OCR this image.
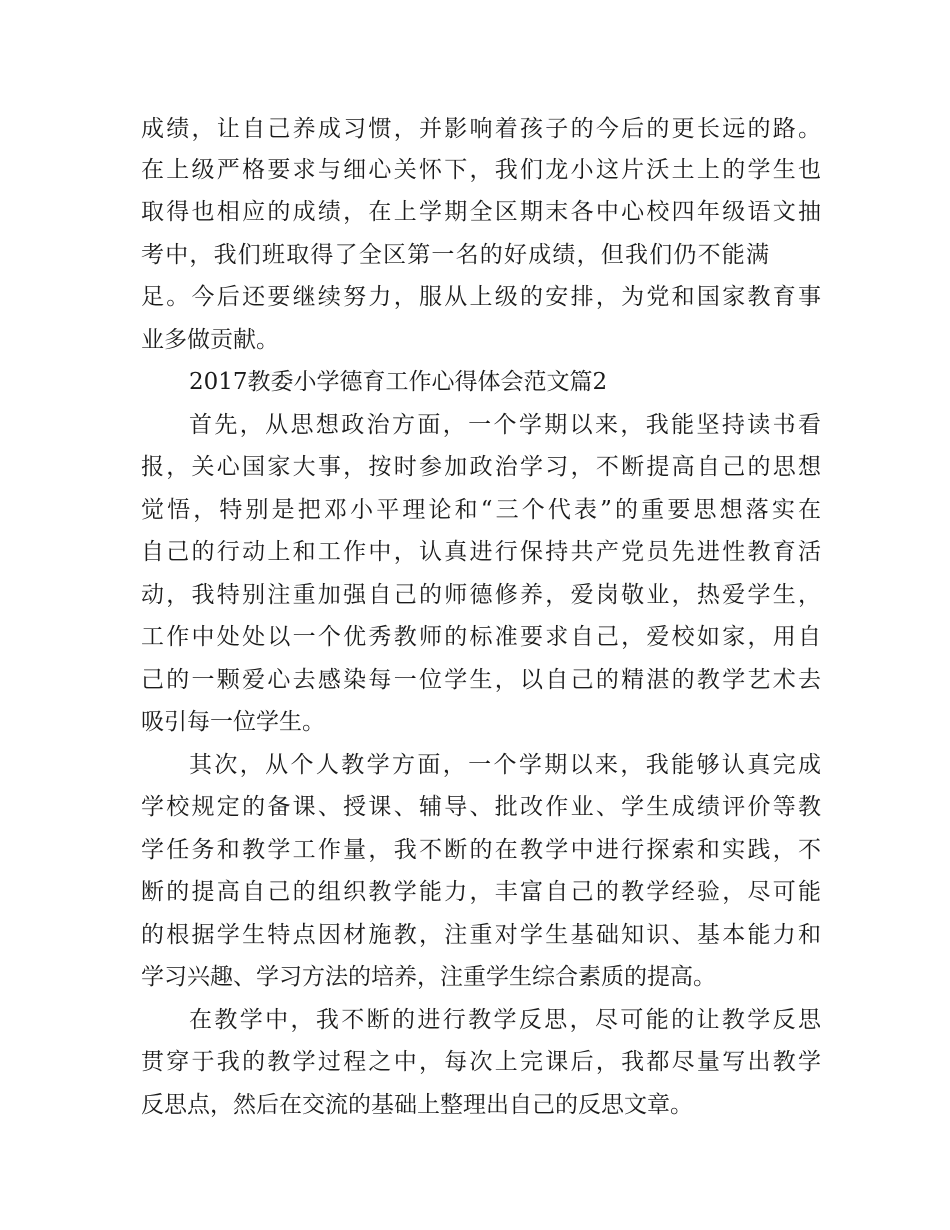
成绩，让自己养成习惯，并影响着孩子的今后的更长远的路。
在上级严格要求与细心关怀下，我们龙小这片沃土上的学生也
取得也相应的成绩，在上学期全区期末各中心校四年级语文抽
考中，我们班取得了全区第一名的好成绩，但我们仍不能满
足。今后还要继续努力，服从上级的安排，为党和国家教育事
业多做贡献。
2017教委小学德育工作心得体会范文篇2
首先，从思想政治方面，一个学期以来，我能坚持读书看
报，关心国家大事，按时参加政治学习，不断提高自己的思想
觉悟，特别是把邓小平理论和“三个代表”的重要思想落实在
自己的行动上和工作中，认真进行保持共产党员先进性教育活
动，我特别注重加强自己的师德修养，爱岗敬业，热爱学生，
工作中处处以一个优秀教师的标准要求自己，爱校如家，用自
己的一颗爱心去感染每一位学生，以自己的精湛的教学艺术去
吸引每一位学生。
其次，从个人教学方面，一个学期以来，我能够认真完成
学校规定的备课、授课、辅导、批改作业、学生成绩评价等教
学任务和教学工作量，我不断的在教学中进行探索和实践，不
断的提高自己的组织教学能力，丰富自己的教学经验，尽可能
的根据学生特点因材施教，注重对学生基础知识、基本能力和
学习兴趣、学习方法的培养，注重学生综合素质的提高。
在教学中，我不断的进行教学反思，尽可能的让教学反思
贯穿于我的教学过程之中，每次上完课后，我都尽量写出教学
反思点，然后在交流的基础上整理出自己的反思文章。
